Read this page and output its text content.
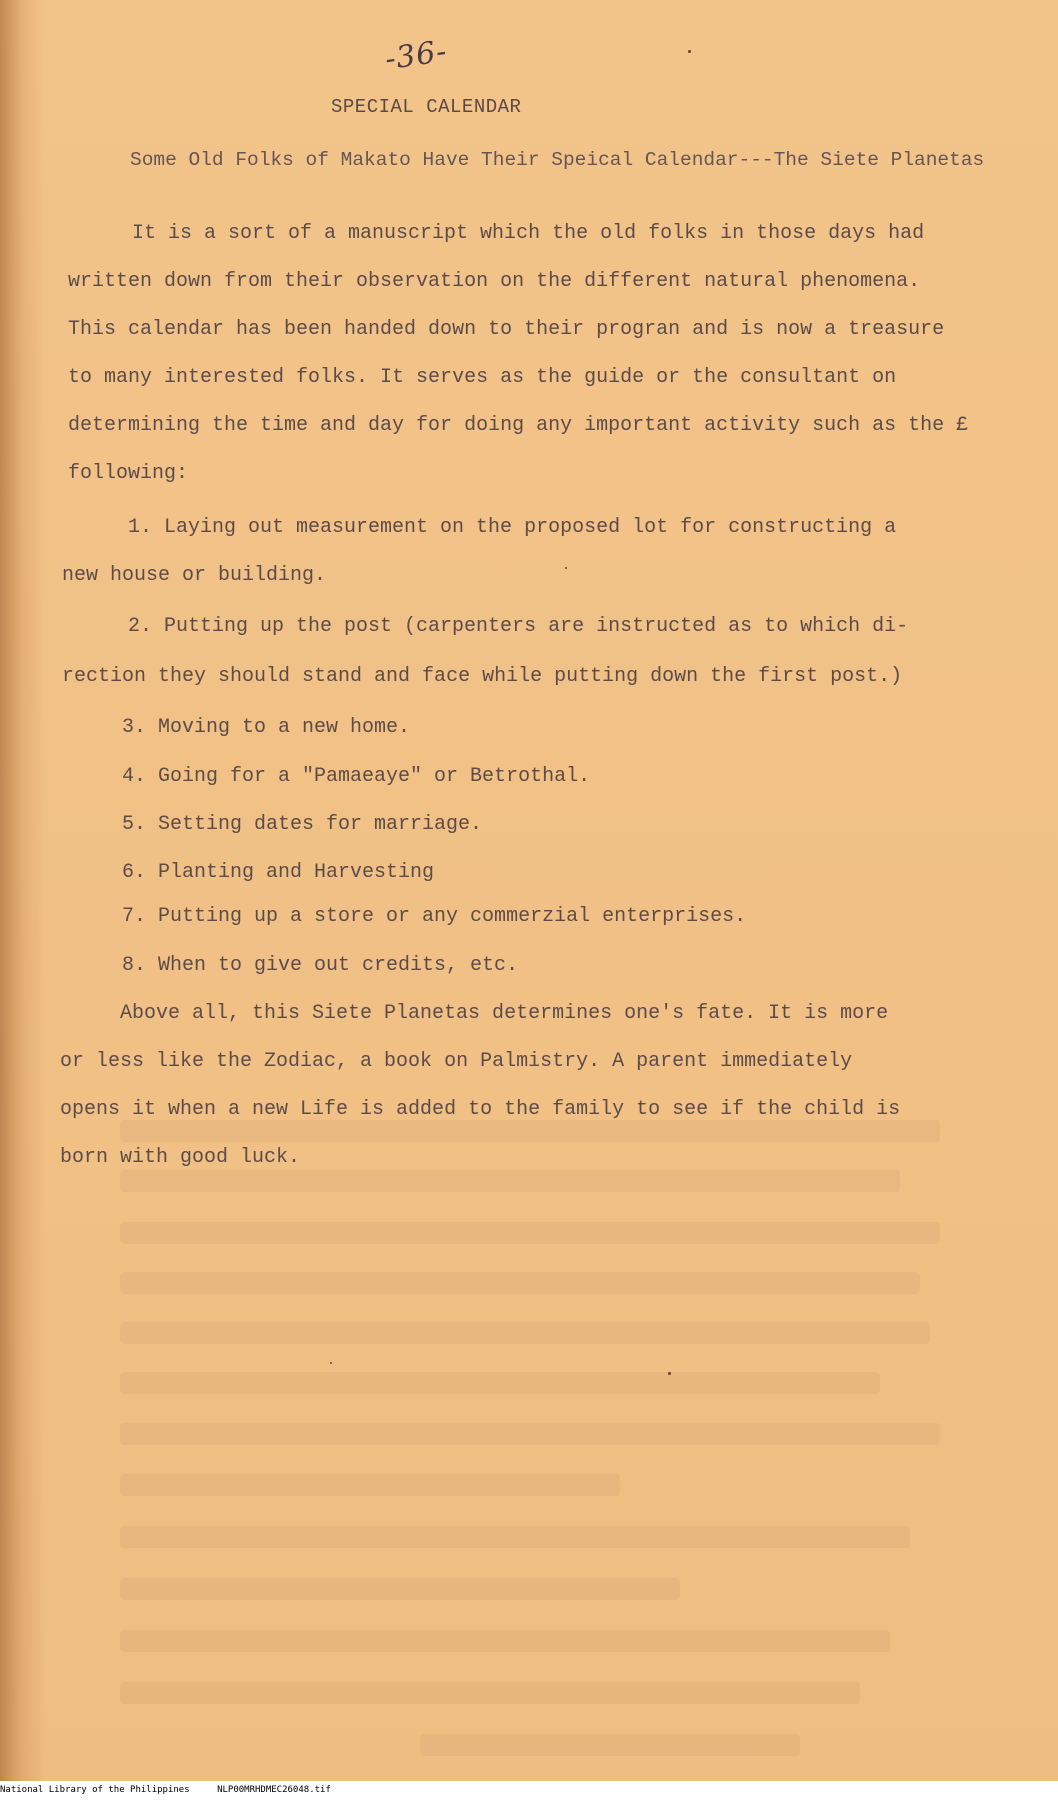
-36-
SPECIAL CALENDAR
Some Old Folks of Makato Have Their Speical Calendar---The Siete Planetas
It is a sort of a manuscript which the old folks in those days had
written down from their observation on the different natural phenomena.
This calendar has been handed down to their progran and is now a treasure
to many interested folks. It serves as the guide or the consultant on
determining the time and day for doing any important activity such as the £
following:
1. Laying out measurement on the proposed lot for constructing a
new house or building.
2. Putting up the post (carpenters are instructed as to which di-
rection they should stand and face while putting down the first post.)
3. Moving to a new home.
4. Going for a "Pamaeaye" or Betrothal.
5. Setting dates for marriage.
6. Planting and Harvesting
7. Putting up a store or any commerzial enterprises.
8. When to give out credits, etc.
Above all, this Siete Planetas determines one's fate. It is more
or less like the Zodiac, a book on Palmistry. A parent immediately
opens it when a new Life is added to the family to see if the child is
born with good luck.
National Library of the Philippines	NLP00MRHDMEC26048.tif
